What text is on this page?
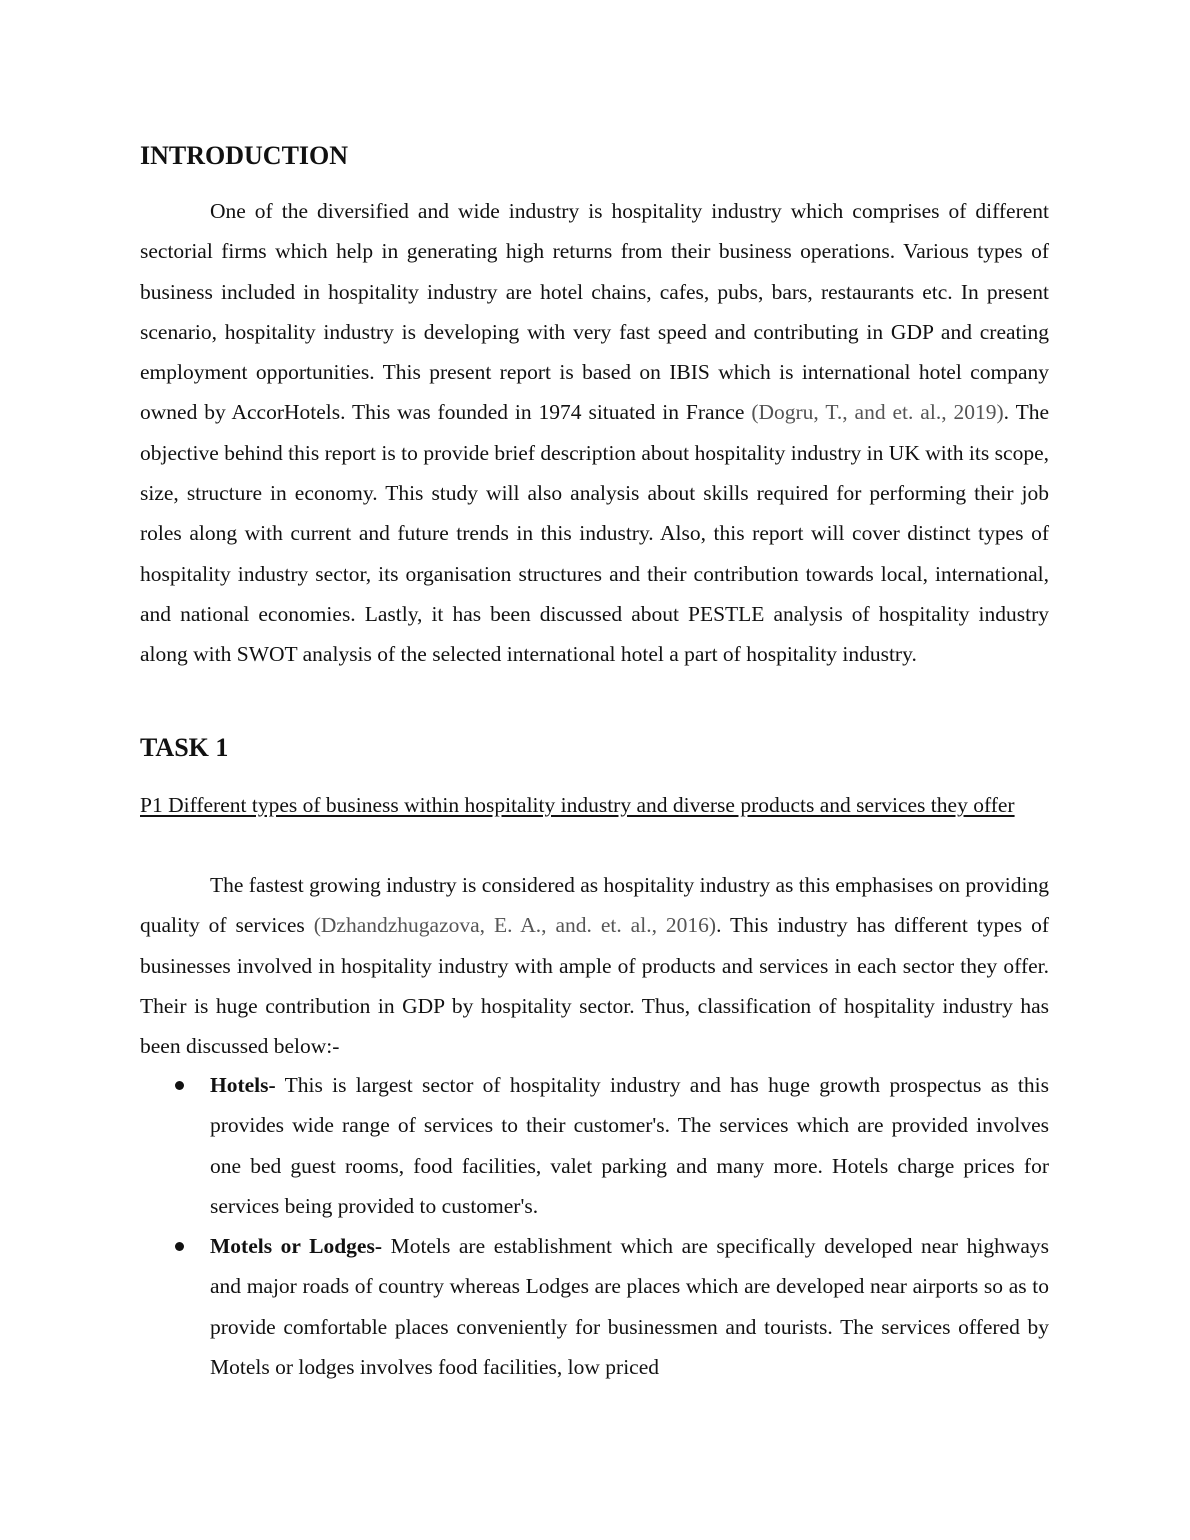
INTRODUCTION

One of the diversified and wide industry is hospitality industry which comprises of different sectorial firms which help in generating high returns from their business operations. Various types of business included in hospitality industry are hotel chains, cafes, pubs, bars, restaurants etc. In present scenario, hospitality industry is developing with very fast speed and contributing in GDP and creating employment opportunities. This present report is based on IBIS which is international hotel company owned by AccorHotels. This was founded in 1974 situated in France (Dogru, T., and et. al., 2019). The objective behind this report is to provide brief description about hospitality industry in UK with its scope, size, structure in economy. This study will also analysis about skills required for performing their job roles along with current and future trends in this industry. Also, this report will cover distinct types of hospitality industry sector, its organisation structures and their contribution towards local, international, and national economies. Lastly, it has been discussed about PESTLE analysis of hospitality industry along with SWOT analysis of the selected international hotel a part of hospitality industry.

TASK 1

P1 Different types of business within hospitality industry and diverse products and services they offer

The fastest growing industry is considered as hospitality industry as this emphasises on providing quality of services (Dzhandzhugazova, E. A., and. et. al., 2016). This industry has different types of businesses involved in hospitality industry with ample of products and services in each sector they offer. Their is huge contribution in GDP by hospitality sector. Thus, classification of hospitality industry has been discussed below:-

Hotels- This is largest sector of hospitality industry and has huge growth prospectus as this provides wide range of services to their customer's. The services which are provided involves one bed guest rooms, food facilities, valet parking and many more. Hotels charge prices for services being provided to customer's.
Motels or Lodges- Motels are establishment which are specifically developed near highways and major roads of country whereas Lodges are places which are developed near airports so as to provide comfortable places conveniently for businessmen and tourists. The services offered by Motels or lodges involves food facilities, low priced
